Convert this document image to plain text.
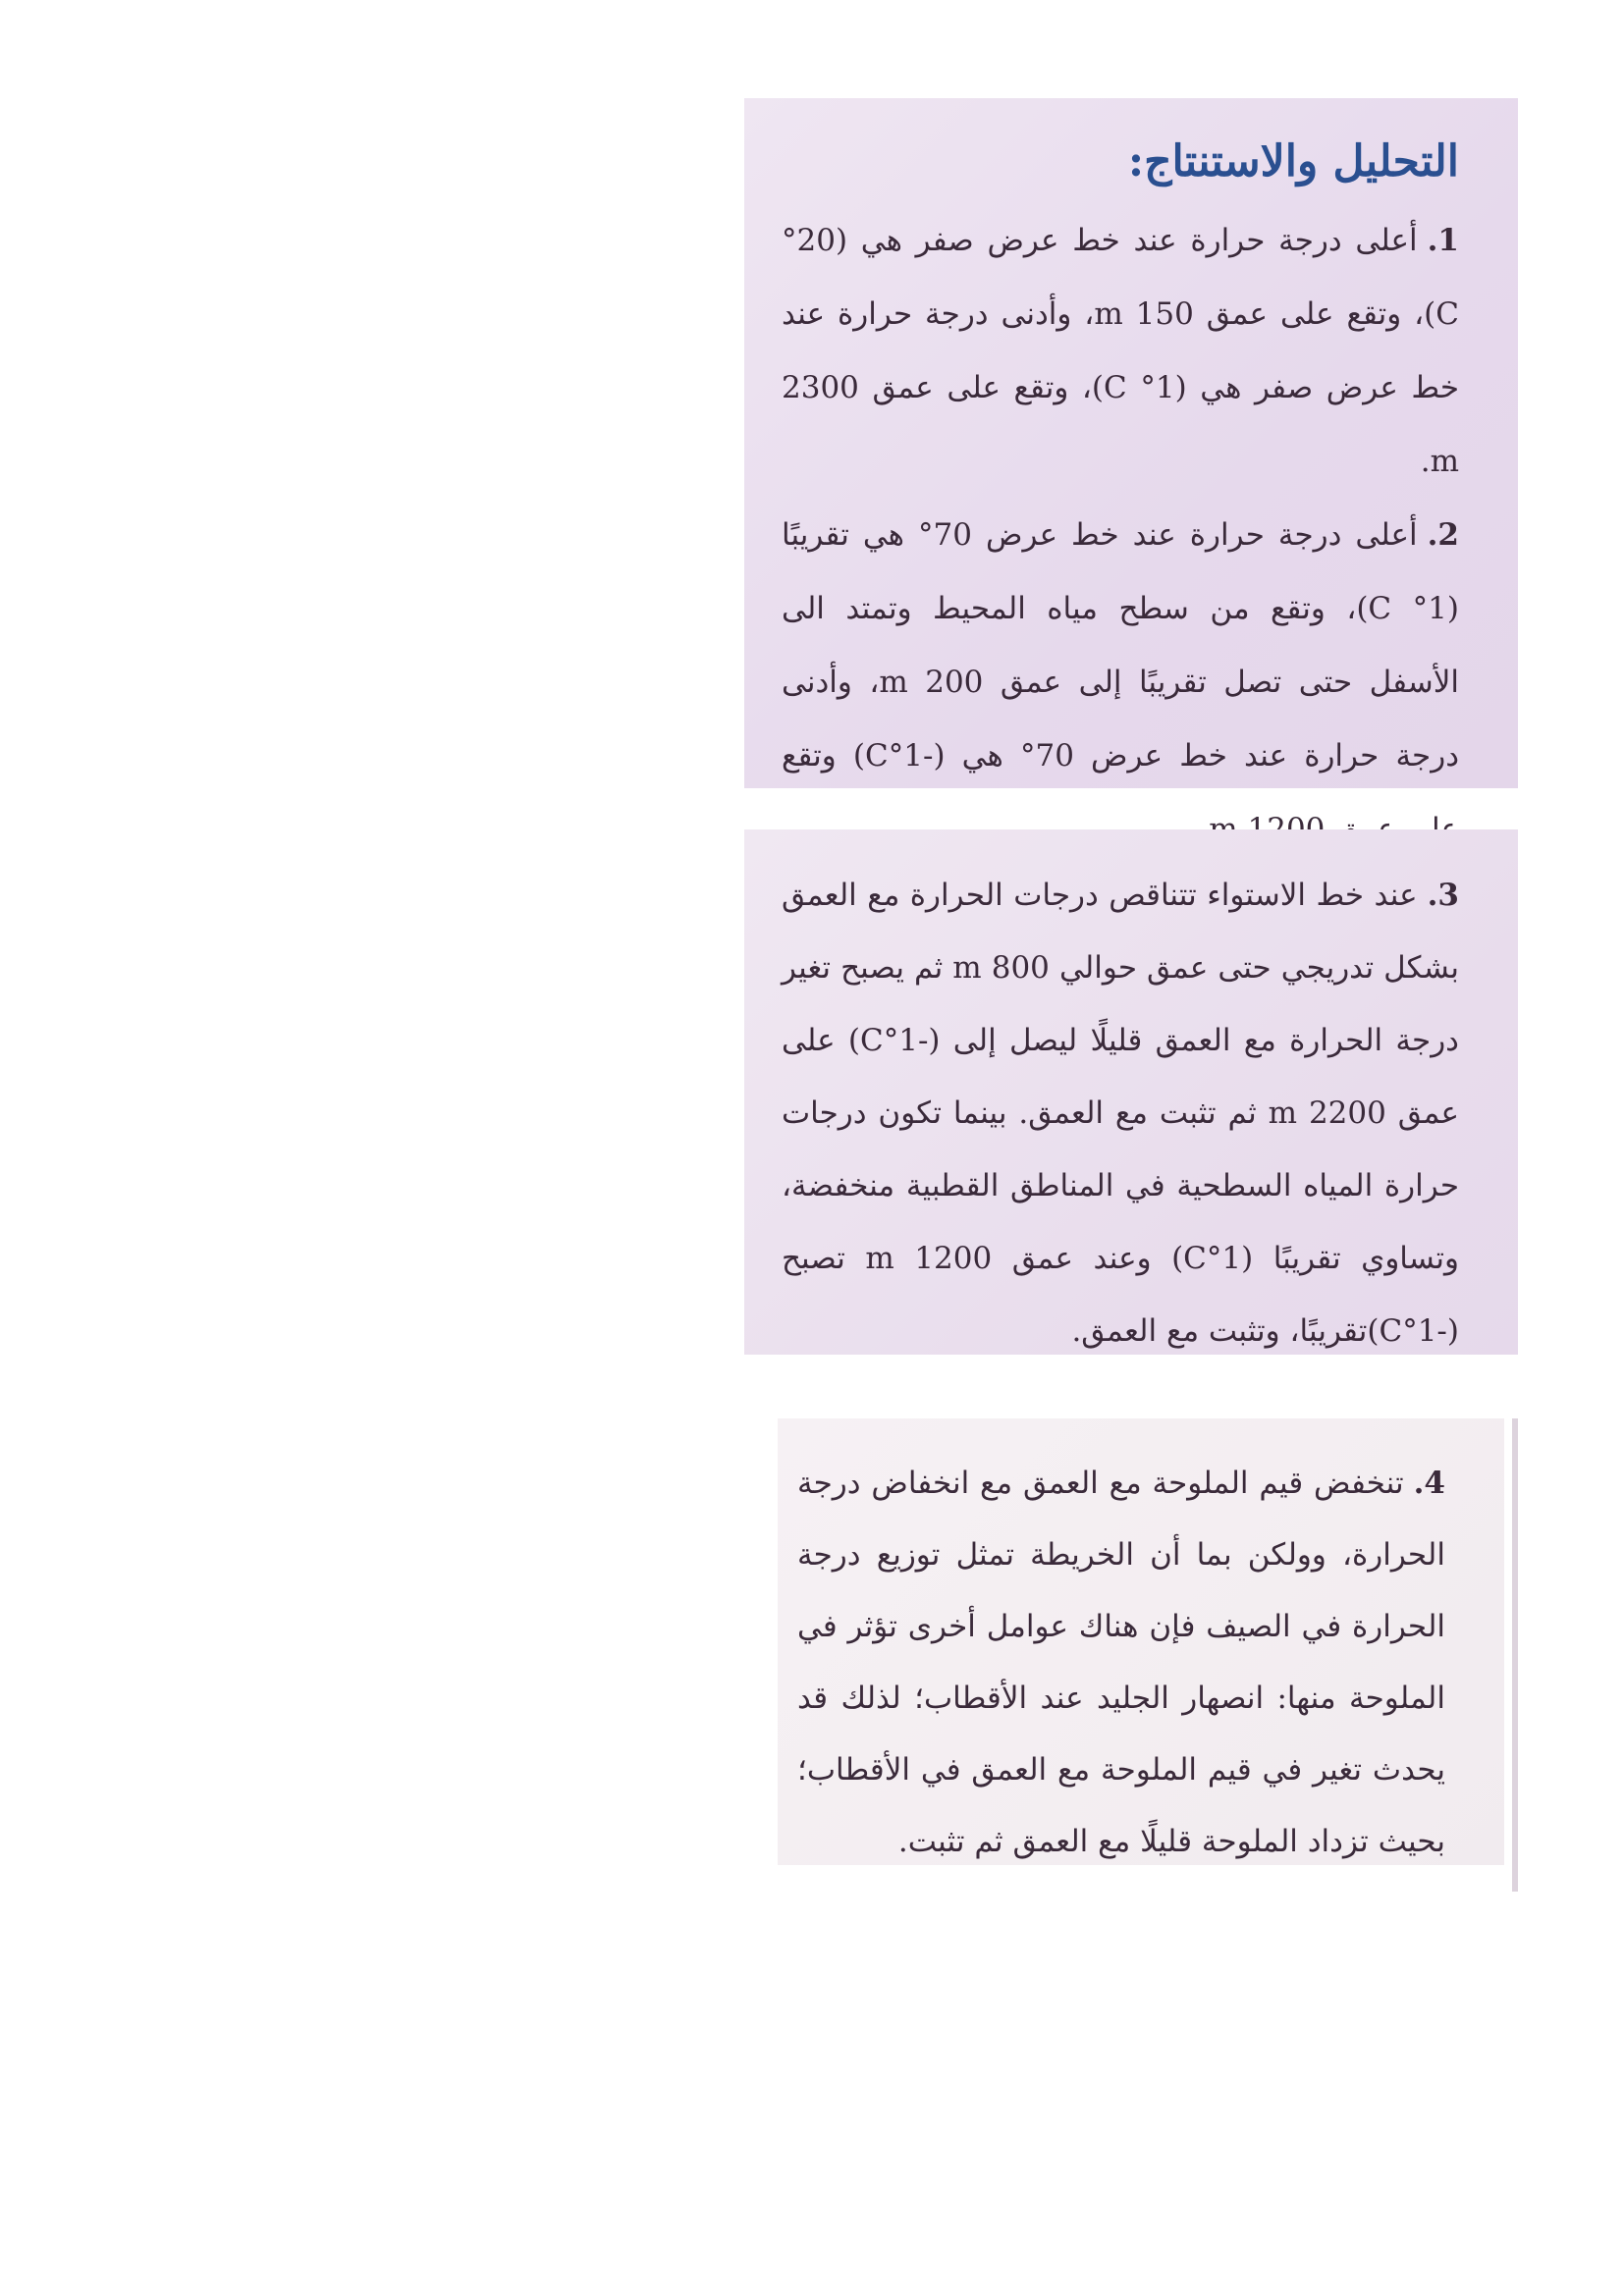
التحليل والاستنتاج:

1.أعلى درجة حرارة عند خط عرض صفر هي (20° C)، وتقع على عمق 150 m، وأدنى درجة حرارة عند خط عرض صفر هي (1° C)، وتقع على عمق 2300 m.

2.أعلى درجة حرارة عند خط عرض 70° هي تقريبًا (1° C)، وتقع من سطح مياه المحيط وتمتد الى الأسفل حتى تصل تقريبًا إلى عمق 200 m، وأدنى درجة حرارة عند خط عرض 70° هي (-1°C) وتقع

3.عند خط الاستواء تتناقص درجات الحرارة مع العمق بشكل تدريجي حتى عمق حوالي 800 m ثم يصبح تغير درجة الحرارة مع العمق قليلًا ليصل إلى (-1°C) على عمق 2200 m ثم تثبت مع العمق. بينما تكون درجات حرارة المياه السطحية في المناطق القطبية منخفضة، وتساوي تقريبًا (1°C) وعند عمق 1200 m تصبح (-1°C)تقريبًا، وتثبت مع العمق.

4.تنخفض قيم الملوحة مع العمق مع انخفاض درجة الحرارة، وولكن بما أن الخريطة تمثل توزيع درجة الحرارة في الصيف فإن هناك عوامل أخرى تؤثر في الملوحة منها: انصهار الجليد عند الأقطاب؛ لذلك قد يحدث تغير في قيم الملوحة مع العمق في الأقطاب؛ بحيث تزداد الملوحة قليلًا مع العمق ثم تثبت.
